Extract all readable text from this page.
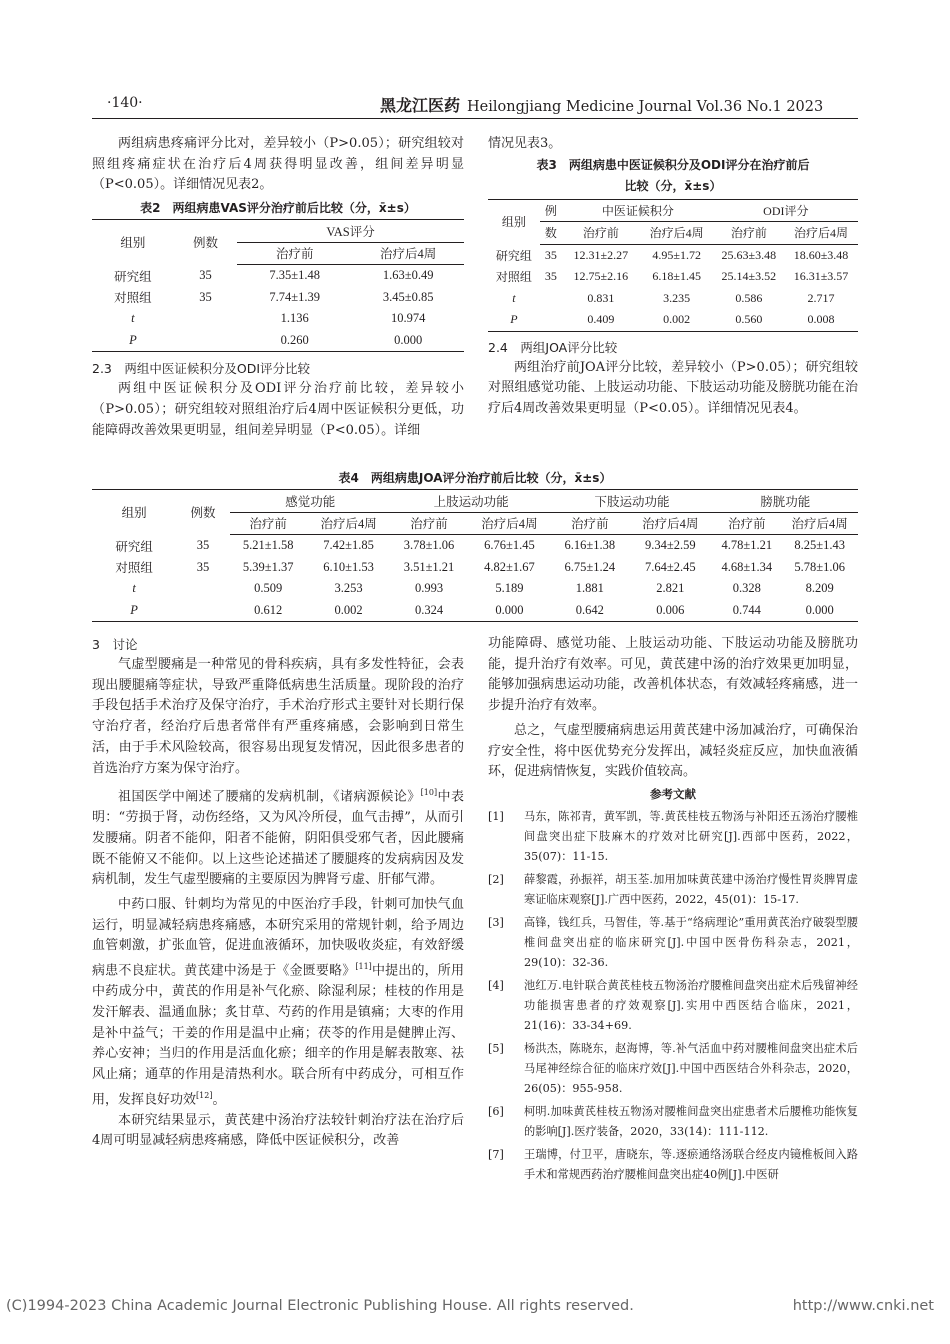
·140·	黑龙江医药 Heilongjiang Medicine Journal Vol.36 No.1 2023

两组病患疼痛评分比对，差异较小（P>0.05）；研究组较对照组疼痛症状在治疗后4周获得明显改善，组间差异明显（P<0.05）。详细情况见表2。

表2　两组病患VAS评分治疗前后比较（分，x̄±s）
组别	例数	VAS评分	
		治疗前	治疗后4周
研究组	35	7.35±1.48	1.63±0.49
对照组	35	7.74±1.39	3.45±0.85
t		1.136	10.974
P		0.260	0.000
2.3　两组中医证候积分及ODI评分比较

两组中医证候积分及ODI评分治疗前比较，差异较小（P>0.05）；研究组较对照组治疗后4周中医证候积分更低，功能障碍改善效果更明显，组间差异明显（P<0.05）。详细

情况见表3。

表3　两组病患中医证候积分及ODI评分在治疗前后
比较（分，x̄±s）
组别	例	中医证候积分		ODI评分	
	数	治疗前	治疗后4周	治疗前	治疗后4周
研究组	35	12.31±2.27	4.95±1.72	25.63±3.48	18.60±3.48
对照组	35	12.75±2.16	6.18±1.45	25.14±3.52	16.31±3.57
t		0.831	3.235	0.586	2.717
P		0.409	0.002	0.560	0.008
2.4　两组JOA评分比较

两组治疗前JOA评分比较，差异较小（P>0.05）；研究组较对照组感觉功能、上肢运动功能、下肢运动功能及膀胱功能在治疗后4周改善效果更明显（P<0.05）。详细情况见表4。

表4　两组病患JOA评分治疗前后比较（分，x̄±s）
组别	例数	感觉功能		上肢运动功能		下肢运动功能		膀胱功能	
		治疗前	治疗后4周	治疗前	治疗后4周	治疗前	治疗后4周	治疗前	治疗后4周
研究组	35	5.21±1.58	7.42±1.85	3.78±1.06	6.76±1.45	6.16±1.38	9.34±2.59	4.78±1.21	8.25±1.43
对照组	35	5.39±1.37	6.10±1.53	3.51±1.21	4.82±1.67	6.75±1.24	7.64±2.45	4.68±1.34	5.78±1.06
t		0.509	3.253	0.993	5.189	1.881	2.821	0.328	8.209
P		0.612	0.002	0.324	0.000	0.642	0.006	0.744	0.000
3　讨论

气虚型腰痛是一种常见的骨科疾病，具有多发性特征，会表现出腰腿痛等症状，导致严重降低病患生活质量。现阶段的治疗手段包括手术治疗及保守治疗，手术治疗形式主要针对长期行保守治疗者，经治疗后患者常伴有严重疼痛感，会影响到日常生活，由于手术风险较高，很容易出现复发情况，因此很多患者的首选治疗方案为保守治疗。

祖国医学中阐述了腰痛的发病机制，《诸病源候论》[10]中表明：“劳损于肾，动伤经络，又为风冷所侵，血气击搏”，从而引发腰痛。阴者不能仰，阳者不能俯，阴阳俱受邪气者，因此腰痛既不能俯又不能仰。以上这些论述描述了腰腿疼的发病病因及发病机制，发生气虚型腰痛的主要原因为脾肾亏虚、肝郁气滞。

中药口服、针刺均为常见的中医治疗手段，针刺可加快气血运行，明显减轻病患疼痛感，本研究采用的常规针刺，给予周边血管刺激，扩张血管，促进血液循环，加快吸收炎症，有效舒缓病患不良症状。黄芪建中汤是于《金匮要略》[11]中提出的，所用中药成分中，黄芪的作用是补气化瘀、除湿利尿；桂枝的作用是发汗解表、温通血脉；炙甘草、芍药的作用是镇痛；大枣的作用是补中益气；干姜的作用是温中止痛；茯苓的作用是健脾止泻、养心安神；当归的作用是活血化瘀；细辛的作用是解表散寒、祛风止痛；通草的作用是清热利水。联合所有中药成分，可相互作用，发挥良好功效[12]。

本研究结果显示，黄芪建中汤治疗法较针刺治疗法在治疗后4周可明显减轻病患疼痛感，降低中医证候积分，改善

功能障碍、感觉功能、上肢运动功能、下肢运动功能及膀胱功能，提升治疗有效率。可见，黄芪建中汤的治疗效果更加明显，能够加强病患运动功能，改善机体状态，有效减轻疼痛感，进一步提升治疗有效率。

总之，气虚型腰痛病患运用黄芪建中汤加减治疗，可确保治疗安全性，将中医优势充分发挥出，减轻炎症反应，加快血液循环，促进病情恢复，实践价值较高。

参考文献
[1] 马东，陈祁青，黄军凯，等.黄芪桂枝五物汤与补阳还五汤治疗腰椎间盘突出症下肢麻木的疗效对比研究[J].西部中医药，2022，35(07)：11-15.
[2] 薛黎霞，孙振祥，胡玉荃.加用加味黄芪建中汤治疗慢性胃炎脾胃虚寒证临床观察[J].广西中医药，2022，45(01)：15-17.
[3] 高锋，钱红兵，马智佳，等.基于“络病理论”重用黄芪治疗破裂型腰椎间盘突出症的临床研究[J].中国中医骨伤科杂志，2021，29(10)：32-36.
[4] 池红万.电针联合黄芪桂枝五物汤治疗腰椎间盘突出症术后残留神经功能损害患者的疗效观察[J].实用中西医结合临床，2021，21(16)：33-34+69.
[5] 杨洪杰，陈晓东，赵海博，等.补气活血中药对腰椎间盘突出症术后马尾神经综合征的临床疗效[J].中国中西医结合外科杂志，2020，26(05)：955-958.
[6] 柯明.加味黄芪桂枝五物汤对腰椎间盘突出症患者术后腰椎功能恢复的影响[J].医疗装备，2020，33(14)：111-112.
[7] 王瑞博，付卫平，唐晓东，等.逐瘀通络汤联合经皮内镜椎板间入路手术和常规西药治疗腰椎间盘突出症40例[J].中医研
(C)1994-2023 China Academic Journal Electronic Publishing House. All rights reserved.	http://www.cnki.net
